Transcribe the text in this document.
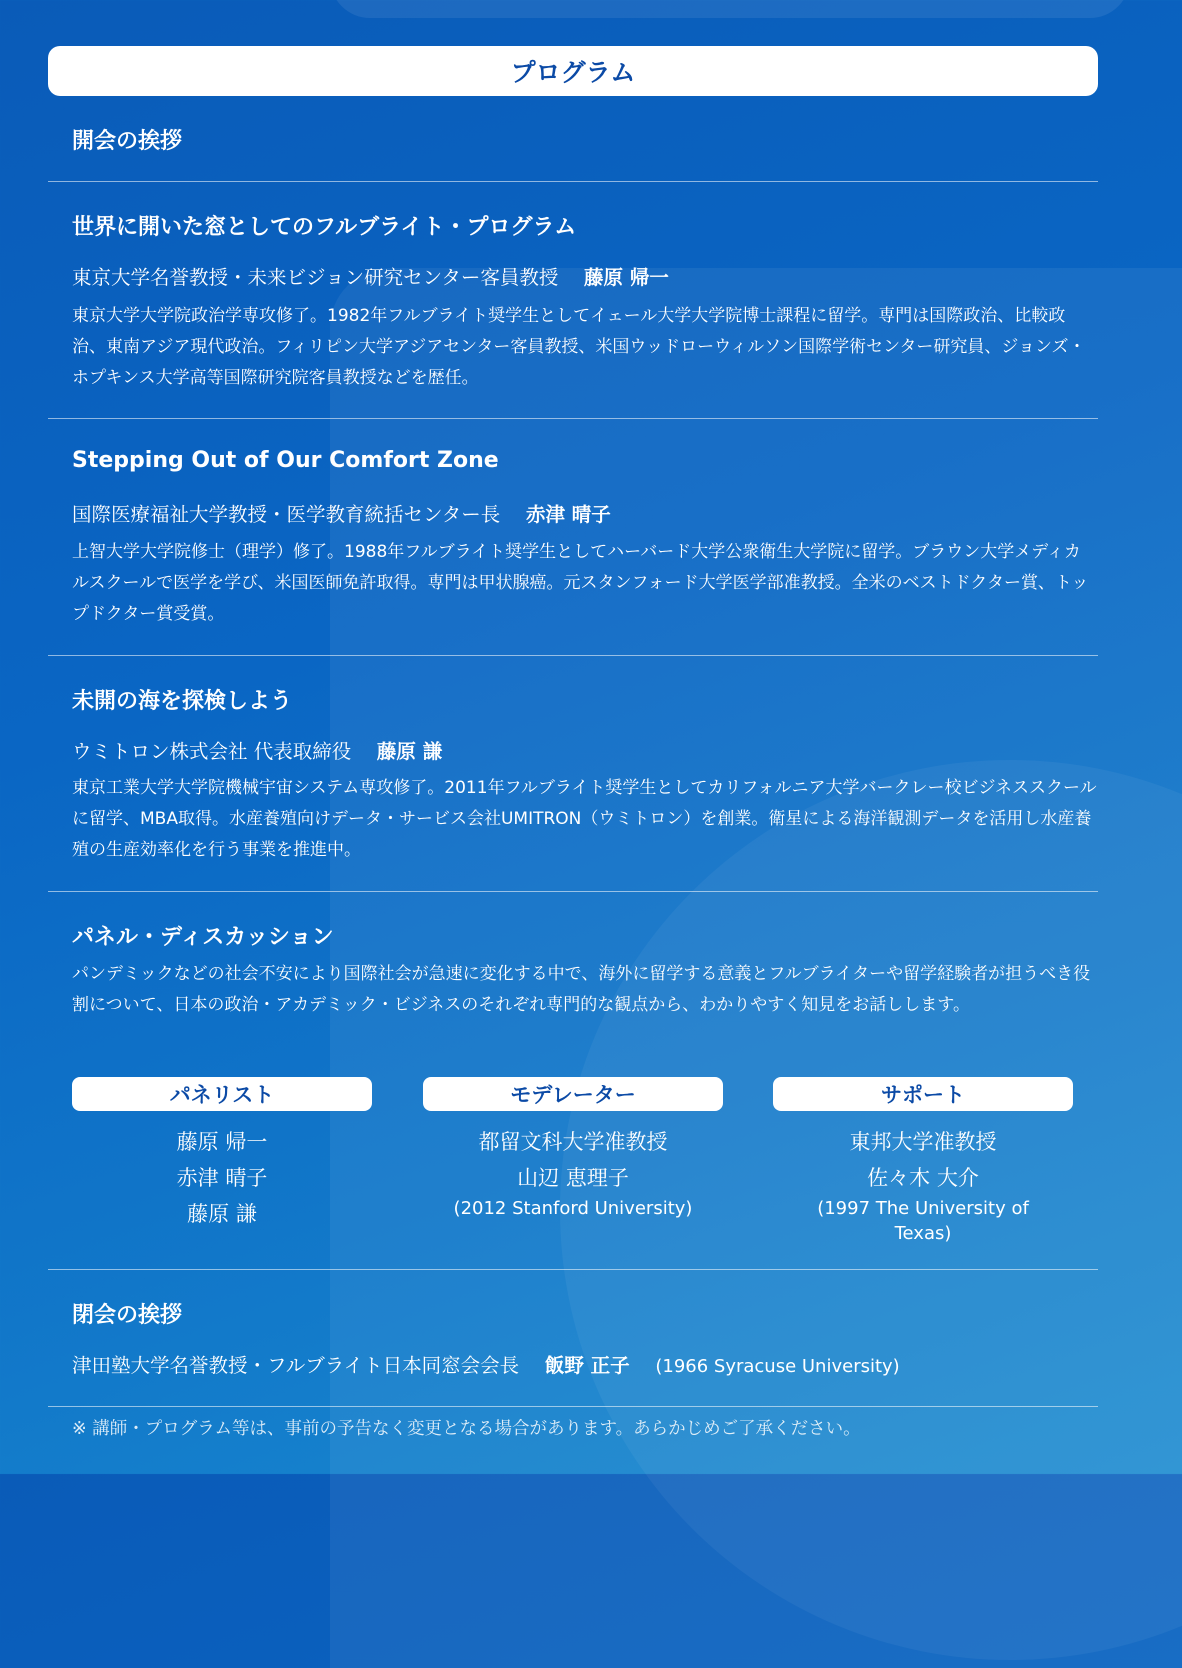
プログラム
開会の挨拶
世界に開いた窓としてのフルブライト・プログラム
東京大学名誉教授・未来ビジョン研究センター客員教授　 藤原 帰一
東京大学大学院政治学専攻修了。1982年フルブライト奨学生としてイェール大学大学院博士課程に留学。専門は国際政治、比較政治、東南アジア現代政治。フィリピン大学アジアセンター客員教授、米国ウッドローウィルソン国際学術センター研究員、ジョンズ・ホプキンス大学高等国際研究院客員教授などを歴任。
Stepping Out of Our Comfort Zone
国際医療福祉大学教授・医学教育統括センター長　 赤津 晴子
上智大学大学院修士（理学）修了。1988年フルブライト奨学生としてハーバード大学公衆衛生大学院に留学。ブラウン大学メディカルスクールで医学を学び、米国医師免許取得。専門は甲状腺癌。元スタンフォード大学医学部准教授。全米のベストドクター賞、トップドクター賞受賞。
未開の海を探検しよう
ウミトロン株式会社 代表取締役　 藤原 謙
東京工業大学大学院機械宇宙システム専攻修了。2011年フルブライト奨学生としてカリフォルニア大学バークレー校ビジネススクールに留学、MBA取得。水産養殖向けデータ・サービス会社UMITRON（ウミトロン）を創業。衛星による海洋観測データを活用し水産養殖の生産効率化を行う事業を推進中。
パネル・ディスカッション
パンデミックなどの社会不安により国際社会が急速に変化する中で、海外に留学する意義とフルブライターや留学経験者が担うべき役割について、日本の政治・アカデミック・ビジネスのそれぞれ専門的な観点から、わかりやすく知見をお話しします。
パネリスト	モデレーター	サポート
藤原 帰一
赤津 晴子
藤原 謙
都留文科大学准教授
山辺 恵理子
(2012 Stanford University)
東邦大学准教授
佐々木 大介
(1997 The University of Texas)
閉会の挨拶
津田塾大学名誉教授・フルブライト日本同窓会会長　 飯野 正子　 (1966 Syracuse University)
※ 講師・プログラム等は、事前の予告なく変更となる場合があります。あらかじめご了承ください。
